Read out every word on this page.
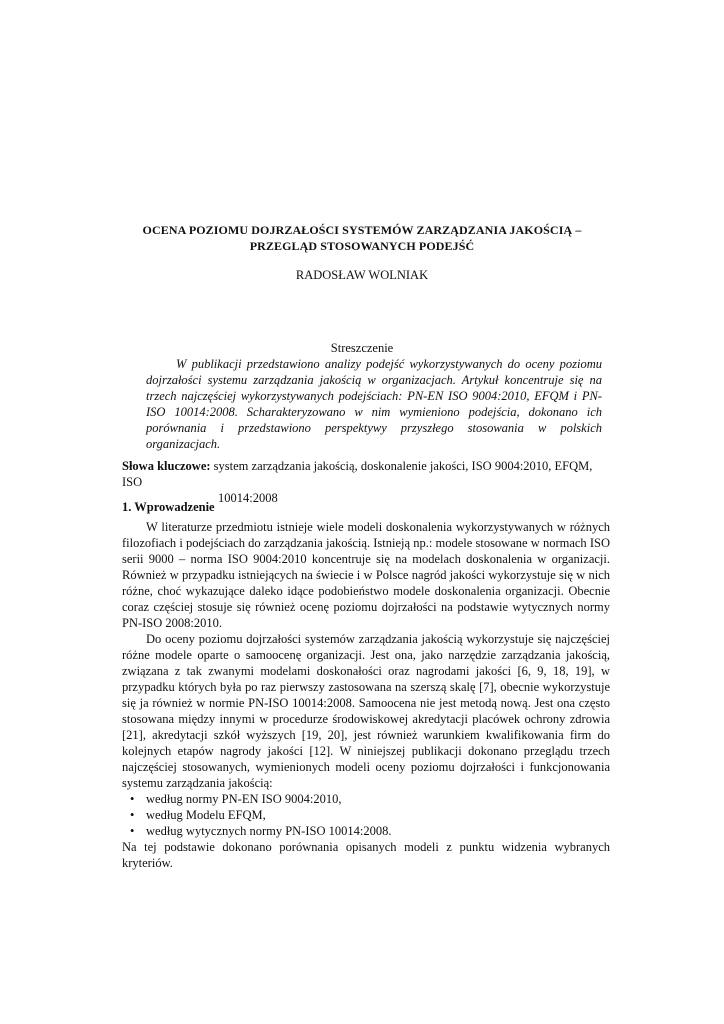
OCENA POZIOMU DOJRZAŁOŚCI SYSTEMÓW ZARZĄDZANIA JAKOŚCIĄ –
PRZEGLĄD STOSOWANYCH PODEJŚĆ
RADOSŁAW WOLNIAK
Streszczenie
W publikacji przedstawiono analizy podejść wykorzystywanych do oceny poziomu dojrzałości systemu zarządzania jakością w organizacjach. Artykuł koncentruje się na trzech najczęściej wykorzystywanych podejściach: PN-EN ISO 9004:2010, EFQM i PN-ISO 10014:2008. Scharakteryzowano w nim wymieniono podejścia, dokonano ich porównania i przedstawiono perspektywy przyszłego stosowania w polskich organizacjach.
Słowa kluczowe: system zarządzania jakością, doskonalenie jakości, ISO 9004:2010, EFQM, ISO
10014:2008
1. Wprowadzenie

W literaturze przedmiotu istnieje wiele modeli doskonalenia wykorzystywanych w różnych filozofiach i podejściach do zarządzania jakością. Istnieją np.: modele stosowane w normach ISO serii 9000 – norma ISO 9004:2010 koncentruje się na modelach doskonalenia w organizacji. Również w przypadku istniejących na świecie i w Polsce nagród jakości wykorzystuje się w nich różne, choć wykazujące daleko idące podobieństwo modele doskonalenia organizacji. Obecnie coraz częściej stosuje się również ocenę poziomu dojrzałości na podstawie wytycznych normy PN-ISO 2008:2010.

Do oceny poziomu dojrzałości systemów zarządzania jakością wykorzystuje się najczęściej różne modele oparte o samoocenę organizacji. Jest ona, jako narzędzie zarządzania jakością, związana z tak zwanymi modelami doskonałości oraz nagrodami jakości [6, 9, 18, 19], w przypadku których była po raz pierwszy zastosowana na szerszą skalę [7], obecnie wykorzystuje się ja również w normie PN-ISO 10014:2008. Samoocena nie jest metodą nową. Jest ona często stosowana między innymi w procedurze środowiskowej akredytacji placówek ochrony zdrowia [21], akredytacji szkół wyższych [19, 20], jest również warunkiem kwalifikowania firm do kolejnych etapów nagrody jakości [12]. W niniejszej publikacji dokonano przeglądu trzech najczęściej stosowanych, wymienionych modeli oceny poziomu dojrzałości i funkcjonowania systemu zarządzania jakością:

• według normy PN-EN ISO 9004:2010,
• według Modelu EFQM,
• według wytycznych normy PN-ISO 10014:2008.

Na tej podstawie dokonano porównania opisanych modeli z punktu widzenia wybranych kryteriów.
